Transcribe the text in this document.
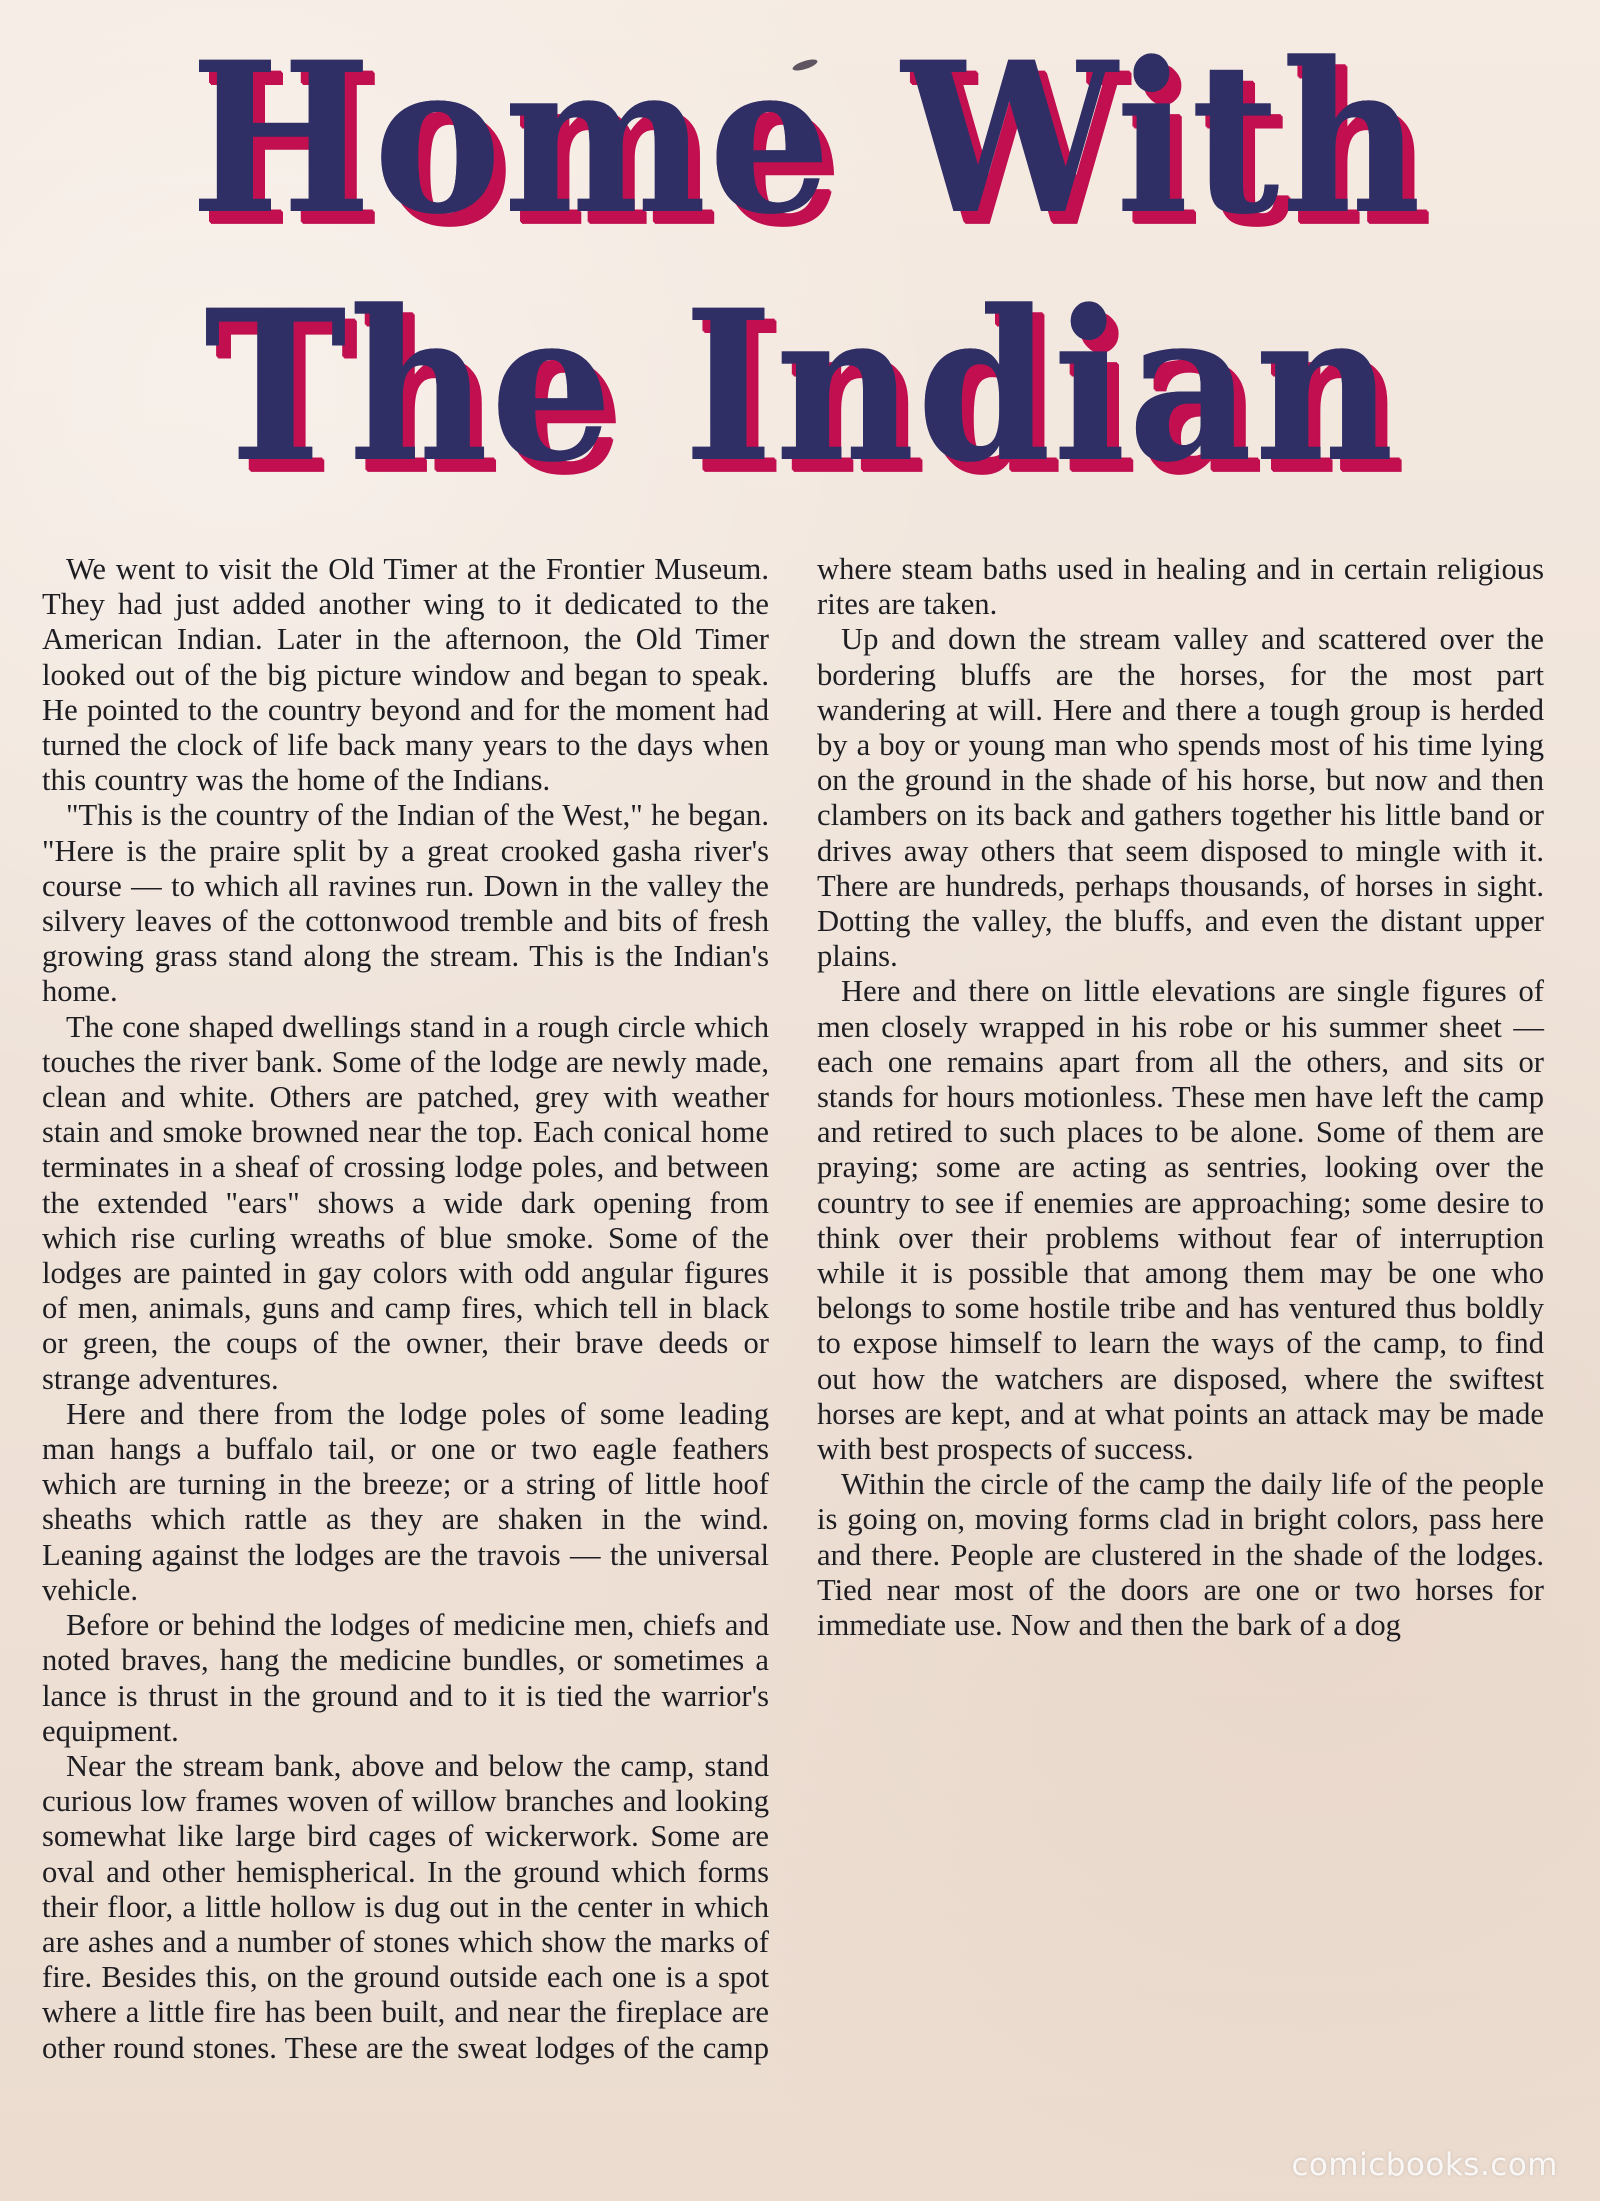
Home With
The Indian

We went to visit the Old Timer at the Frontier Museum. They had just added another wing to it dedicated to the American Indian. Later in the afternoon, the Old Timer looked out of the big picture window and began to speak. He pointed to the country beyond and for the moment had turned the clock of life back many years to the days when this country was the home of the Indians.

"This is the country of the Indian of the West," he began. "Here is the praire split by a great crooked gasha river's course — to which all ravines run. Down in the valley the silvery leaves of the cottonwood tremble and bits of fresh growing grass stand along the stream. This is the Indian's home.

The cone shaped dwellings stand in a rough circle which touches the river bank. Some of the lodge are newly made, clean and white. Others are patched, grey with weather stain and smoke browned near the top. Each conical home terminates in a sheaf of crossing lodge poles, and between the extended "ears" shows a wide dark opening from which rise curling wreaths of blue smoke. Some of the lodges are painted in gay colors with odd angular figures of men, animals, guns and camp fires, which tell in black or green, the coups of the owner, their brave deeds or strange adventures.

Here and there from the lodge poles of some leading man hangs a buffalo tail, or one or two eagle feathers which are turning in the breeze; or a string of little hoof sheaths which rattle as they are shaken in the wind. Leaning against the lodges are the travois — the universal vehicle.

Before or behind the lodges of medicine men, chiefs and noted braves, hang the medicine bundles, or sometimes a lance is thrust in the ground and to it is tied the warrior's equipment.

Near the stream bank, above and below the camp, stand curious low frames woven of willow branches and looking somewhat like large bird cages of wickerwork. Some are oval and other hemispherical. In the ground which forms their floor, a little hollow is dug out in the center in which are ashes and a number of stones which show the marks of fire. Besides this, on the ground outside each one is a spot where a little fire has been built, and near the fireplace are other round stones. These are the sweat lodges of the camp where steam baths used in healing and in certain religious rites are taken.

Up and down the stream valley and scattered over the bordering bluffs are the horses, for the most part wandering at will. Here and there a tough group is herded by a boy or young man who spends most of his time lying on the ground in the shade of his horse, but now and then clambers on its back and gathers together his little band or drives away others that seem disposed to mingle with it. There are hundreds, perhaps thousands, of horses in sight. Dotting the valley, the bluffs, and even the distant upper plains.

Here and there on little elevations are single figures of men closely wrapped in his robe or his summer sheet — each one remains apart from all the others, and sits or stands for hours motionless. These men have left the camp and retired to such places to be alone. Some of them are praying; some are acting as sentries, looking over the country to see if enemies are approaching; some desire to think over their problems without fear of interruption while it is possible that among them may be one who belongs to some hostile tribe and has ventured thus boldly to expose himself to learn the ways of the camp, to find out how the watchers are disposed, where the swiftest horses are kept, and at what points an attack may be made with best prospects of success.

Within the circle of the camp the daily life of the people is going on, moving forms clad in bright colors, pass here and there. People are clustered in the shade of the lodges. Tied near most of the doors are one or two horses for immediate use. Now and then the bark of a dog

comicbooks.com
